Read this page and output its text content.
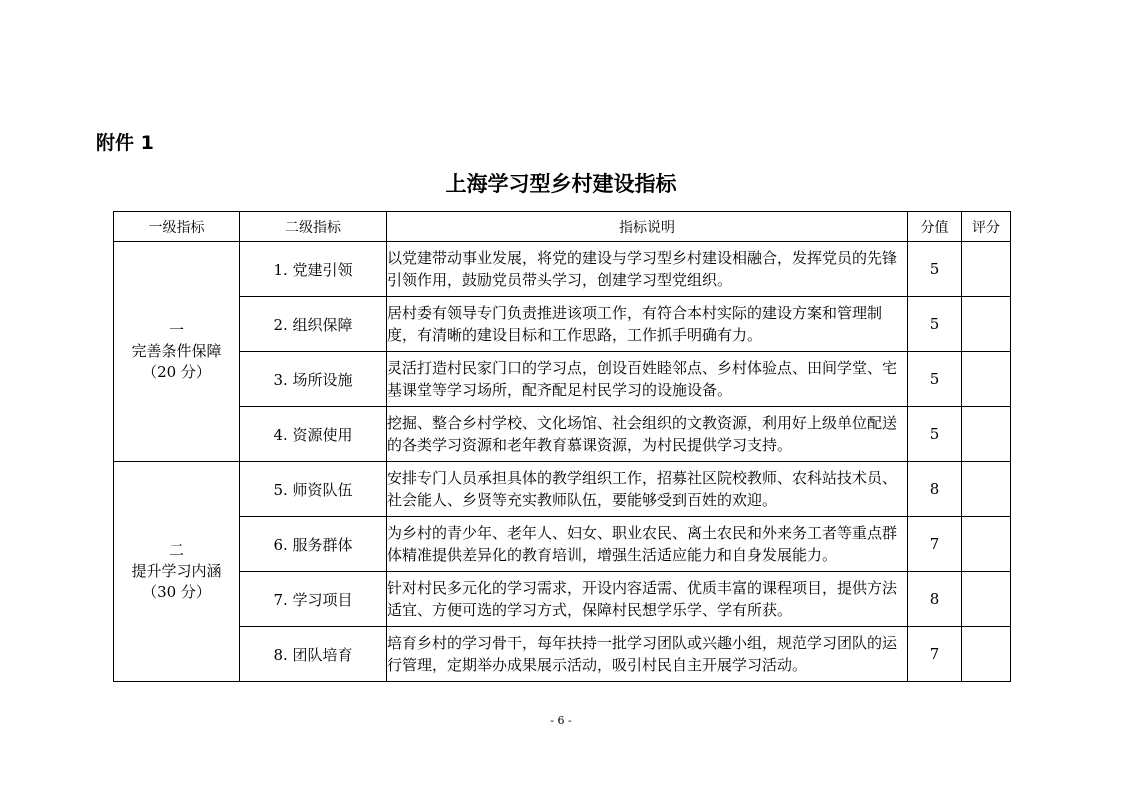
附件 1
上海学习型乡村建设指标
一级指标	二级指标	指标说明	分值	评分

一
完善条件保障
（20 分）	1. 党建引领	以党建带动事业发展，将党的建设与学习型乡村建设相融合，发挥党员的先锋引领作用，鼓励党员带头学习，创建学习型党组织。	5	
	2. 组织保障	居村委有领导专门负责推进该项工作，有符合本村实际的建设方案和管理制度，有清晰的建设目标和工作思路，工作抓手明确有力。	5	
	3. 场所设施	灵活打造村民家门口的学习点，创设百姓睦邻点、乡村体验点、田间学堂、宅基课堂等学习场所，配齐配足村民学习的设施设备。	5	
	4. 资源使用	挖掘、整合乡村学校、文化场馆、社会组织的文教资源，利用好上级单位配送的各类学习资源和老年教育慕课资源，为村民提供学习支持。	5	

二
提升学习内涵
（30 分）	5. 师资队伍	安排专门人员承担具体的教学组织工作，招募社区院校教师、农科站技术员、社会能人、乡贤等充实教师队伍，要能够受到百姓的欢迎。	8	
	6. 服务群体	为乡村的青少年、老年人、妇女、职业农民、离土农民和外来务工者等重点群体精准提供差异化的教育培训，增强生活适应能力和自身发展能力。	7	
	7. 学习项目	针对村民多元化的学习需求，开设内容适需、优质丰富的课程项目，提供方法适宜、方便可选的学习方式，保障村民想学乐学、学有所获。	8	
	8. 团队培育	培育乡村的学习骨干，每年扶持一批学习团队或兴趣小组，规范学习团队的运行管理，定期举办成果展示活动，吸引村民自主开展学习活动。	7	
- 6 -
